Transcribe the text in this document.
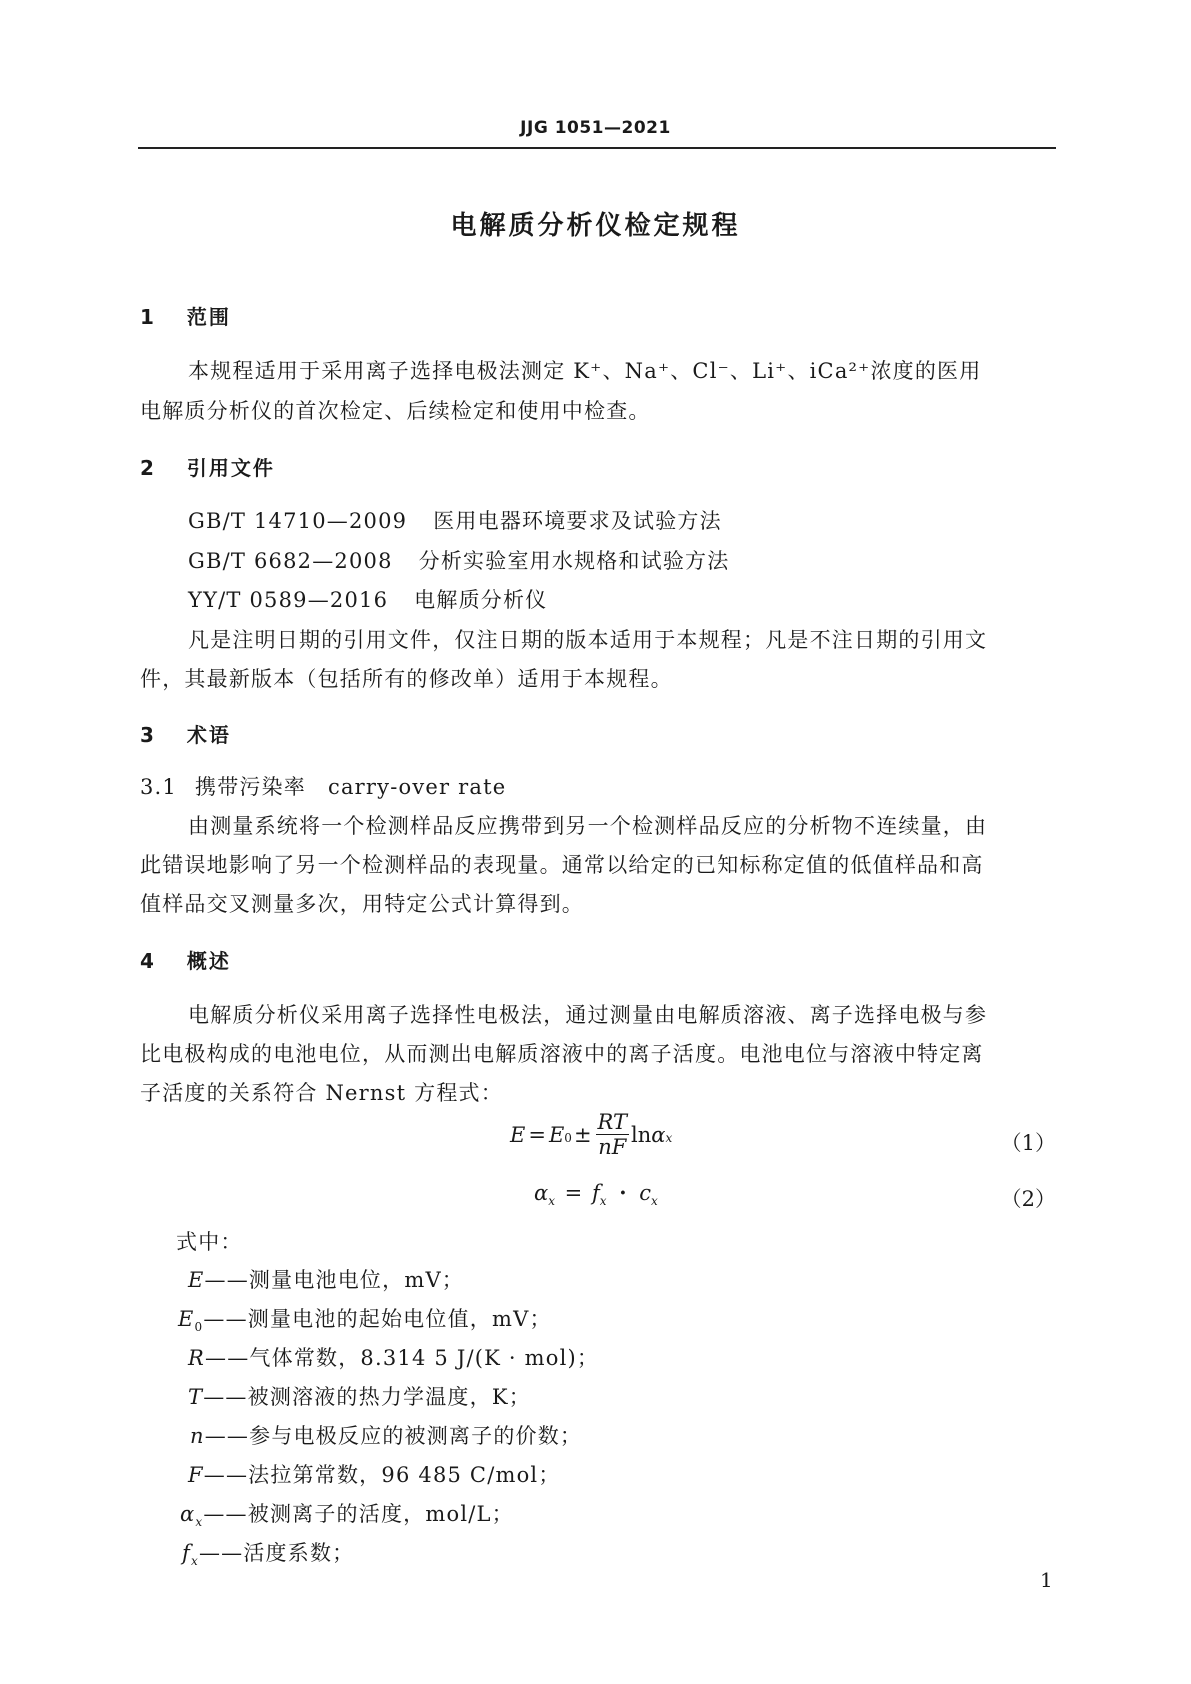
JJG 1051—2021
电解质分析仪检定规程
1 范围
本规程适用于采用离子选择电极法测定 K⁺、Na⁺、Cl⁻、Li⁺、iCa²⁺浓度的医用
电解质分析仪的首次检定、后续检定和使用中检查。
2 引用文件
GB/T 14710—2009 医用电器环境要求及试验方法
GB/T 6682—2008 分析实验室用水规格和试验方法
YY/T 0589—2016 电解质分析仪
凡是注明日期的引用文件，仅注日期的版本适用于本规程；凡是不注日期的引用文
件，其最新版本（包括所有的修改单）适用于本规程。
3 术语
3.1 携带污染率 carry-over rate
由测量系统将一个检测样品反应携带到另一个检测样品反应的分析物不连续量，由
此错误地影响了另一个检测样品的表现量。通常以给定的已知标称定值的低值样品和高
值样品交叉测量多次，用特定公式计算得到。
4 概述
电解质分析仪采用离子选择性电极法，通过测量由电解质溶液、离子选择电极与参
比电极构成的电池电位，从而测出电解质溶液中的离子活度。电池电位与溶液中特定离
子活度的关系符合 Nernst 方程式：
E = E $0 \pm \frac{RT}{nF}$ ln α x	（1）
$\alpha_x = f_x \cdot c_x$	（2）
式中：
E——测量电池电位，mV；
$E_0——$测量电池的起始电位值，mV；
R——气体常数，8.314 5 J/(K · mol)；
T——被测溶液的热力学温度，K；
n——参与电极反应的被测离子的价数；
F——法拉第常数，96 485 C/mol；
$\alpha_x——$被测离子的活度，mol/L；
$f_x——$活度系数；
1
